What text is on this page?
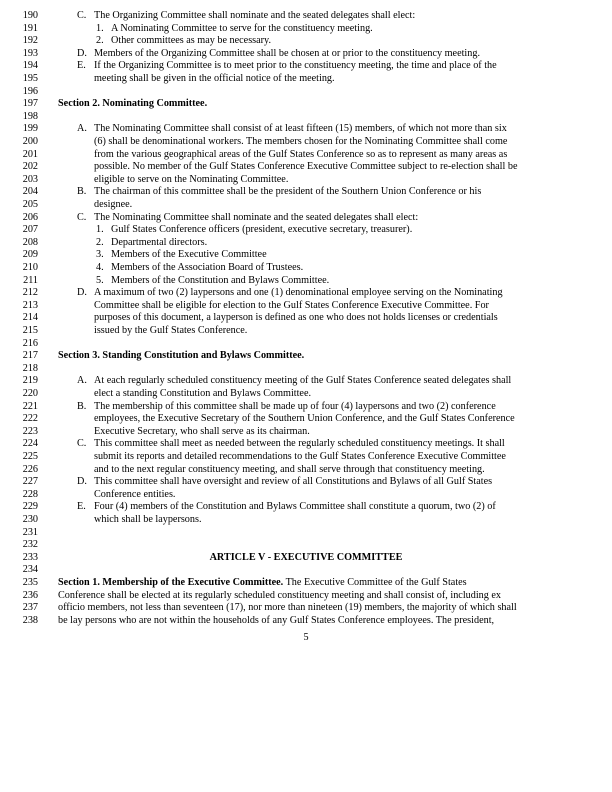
190	C. The Organizing Committee shall nominate and the seated delegates shall elect:
191	1. A Nominating Committee to serve for the constituency meeting.
192	2. Other committees as may be necessary.
193	D. Members of the Organizing Committee shall be chosen at or prior to the constituency meeting.
194	E. If the Organizing Committee is to meet prior to the constituency meeting, the time and place of the
195	meeting shall be given in the official notice of the meeting.
196
197 Section 2. Nominating Committee.
198
199	A. The Nominating Committee shall consist of at least fifteen (15) members, of which not more than six
200	(6) shall be denominational workers. The members chosen for the Nominating Committee shall come
201	from the various geographical areas of the Gulf States Conference so as to represent as many areas as
202	possible. No member of the Gulf States Conference Executive Committee subject to re-election shall be
203	eligible to serve on the Nominating Committee.
204	B. The chairman of this committee shall be the president of the Southern Union Conference or his
205	designee.
206	C. The Nominating Committee shall nominate and the seated delegates shall elect:
207	1. Gulf States Conference officers (president, executive secretary, treasurer).
208	2. Departmental directors.
209	3. Members of the Executive Committee
210	4. Members of the Association Board of Trustees.
211	5. Members of the Constitution and Bylaws Committee.
212	D. A maximum of two (2) laypersons and one (1) denominational employee serving on the Nominating
213	Committee shall be eligible for election to the Gulf States Conference Executive Committee. For
214	purposes of this document, a layperson is defined as one who does not holds licenses or credentials
215	issued by the Gulf States Conference.
216
217 Section 3. Standing Constitution and Bylaws Committee.
218
219	A. At each regularly scheduled constituency meeting of the Gulf States Conference seated delegates shall
220	elect a standing Constitution and Bylaws Committee.
221	B. The membership of this committee shall be made up of four (4) laypersons and two (2) conference
222	employees, the Executive Secretary of the Southern Union Conference, and the Gulf States Conference
223	Executive Secretary, who shall serve as its chairman.
224	C. This committee shall meet as needed between the regularly scheduled constituency meetings. It shall
225	submit its reports and detailed recommendations to the Gulf States Conference Executive Committee
226	and to the next regular constituency meeting, and shall serve through that constituency meeting.
227	D. This committee shall have oversight and review of all Constitutions and Bylaws of all Gulf States
228	Conference entities.
229	E. Four (4) members of the Constitution and Bylaws Committee shall constitute a quorum, two (2) of
230	which shall be laypersons.
231
232
233	ARTICLE V - EXECUTIVE COMMITTEE
234
235 Section 1. Membership of the Executive Committee. The Executive Committee of the Gulf States
236 Conference shall be elected at its regularly scheduled constituency meeting and shall consist of, including ex
237 officio members, not less than seventeen (17), nor more than nineteen (19) members, the majority of which shall
238 be lay persons who are not within the households of any Gulf States Conference employees. The president,
5
